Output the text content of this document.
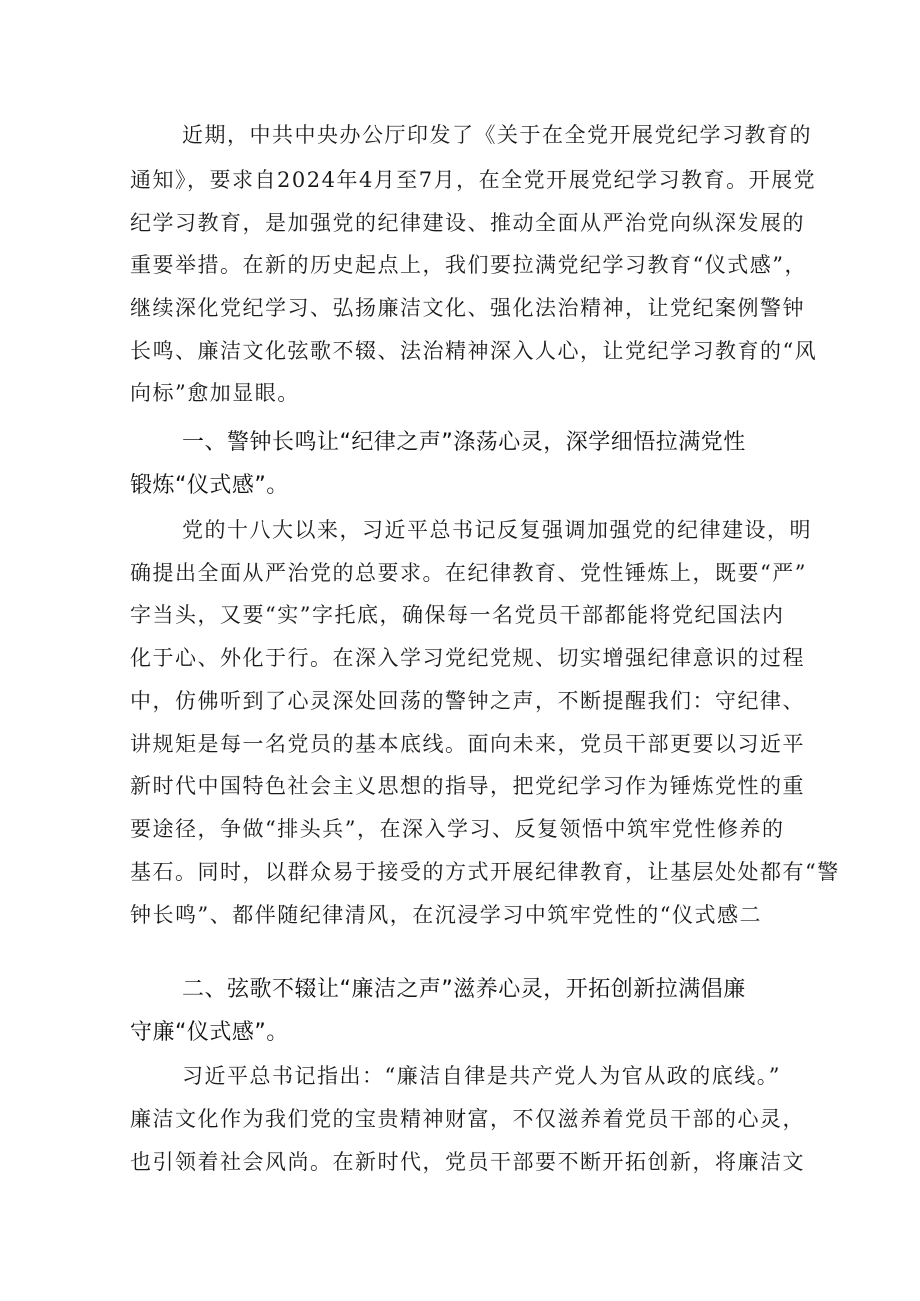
近期，中共中央办公厅印发了《关于在全党开展党纪学习教育的
通知》，要求自2024年4月至7月，在全党开展党纪学习教育。开展党
纪学习教育，是加强党的纪律建设、推动全面从严治党向纵深发展的
重要举措。在新的历史起点上，我们要拉满党纪学习教育“仪式感”，
继续深化党纪学习、弘扬廉洁文化、强化法治精神，让党纪案例警钟
长鸣、廉洁文化弦歌不辍、法治精神深入人心，让党纪学习教育的“风
向标”愈加显眼。
一、警钟长鸣让“纪律之声”涤荡心灵，深学细悟拉满党性
锻炼“仪式感”。
党的十八大以来，习近平总书记反复强调加强党的纪律建设，明
确提出全面从严治党的总要求。在纪律教育、党性锤炼上，既要“严”
字当头，又要“实”字托底，确保每一名党员干部都能将党纪国法内
化于心、外化于行。在深入学习党纪党规、切实增强纪律意识的过程
中，仿佛听到了心灵深处回荡的警钟之声，不断提醒我们：守纪律、
讲规矩是每一名党员的基本底线。面向未来，党员干部更要以习近平
新时代中国特色社会主义思想的指导，把党纪学习作为锤炼党性的重
要途径，争做“排头兵”，在深入学习、反复领悟中筑牢党性修养的
基石。同时，以群众易于接受的方式开展纪律教育，让基层处处都有“警
钟长鸣”、都伴随纪律清风，在沉浸学习中筑牢党性的“仪式感二
二、弦歌不辍让“廉洁之声”滋养心灵，开拓创新拉满倡廉
守廉“仪式感”。
习近平总书记指出：“廉洁自律是共产党人为官从政的底线。”
廉洁文化作为我们党的宝贵精神财富，不仅滋养着党员干部的心灵，
也引领着社会风尚。在新时代，党员干部要不断开拓创新，将廉洁文
